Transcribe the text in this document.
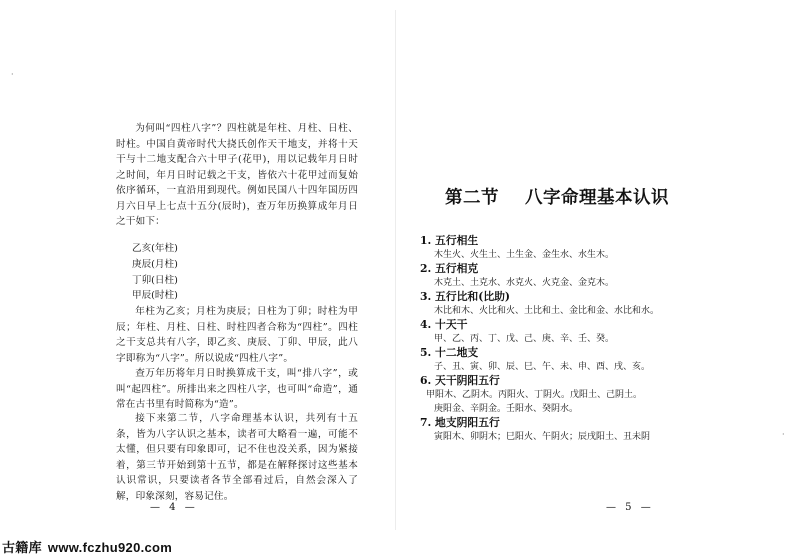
为何叫“四柱八字”？四柱就是年柱、月柱、日柱、时柱。中国自黄帝时代大挠氏创作天干地支，并将十天干与十二地支配合六十甲子(花甲)，用以记载年月日时之时间，年月日时记载之干支，皆依六十花甲过而复始依序循环，一直沿用到现代。例如民国八十四年国历四月六日早上七点十五分(辰时)，查万年历换算成年月日之干如下：

乙亥(年柱)
庚辰(月柱)
丁卯(日柱)
甲辰(时柱)

年柱为乙亥；月柱为庚辰；日柱为丁卯；时柱为甲辰；年柱、月柱、日柱、时柱四者合称为“四柱”。四柱之干支总共有八字，即乙亥、庚辰、丁卯、甲辰，此八字即称为“八字”。所以说成“四柱八字”。

查万年历将年月日时换算成干支，叫“排八字”，或叫“起四柱”。所排出来之四柱八字，也可叫“命造”，通常在古书里有时简称为“造”。

接下来第二节，八字命理基本认识，共列有十五条，皆为八字认识之基本，读者可大略看一遍，可能不太懂，但只要有印象即可，记不住也没关系，因为紧接着，第三节开始到第十五节，都是在解释探讨这些基本认识常识，只要读者各节全部看过后，自然会深入了解，印象深刻，容易记住。

— 4 —
第二节 八字命理基本认识
1. 五行相生
木生火、火生土、土生金、金生水、水生木。
2. 五行相克
木克土、土克水、水克火、火克金、金克木。
3. 五行比和(比助)
木比和木、火比和火、土比和土、金比和金、水比和水。
4. 十天干
甲、乙、丙、丁、戊、己、庚、辛、壬、癸。
5. 十二地支
子、丑、寅、卯、辰、巳、午、未、申、酉、戌、亥。
6. 天干阴阳五行
甲阳木、乙阴木。丙阳火、丁阴火。戊阳土、己阴土。
庚阳金、辛阴金。壬阳水、癸阴水。
7. 地支阴阳五行
寅阳木、卯阴木；巳阳火、午阴火；辰戌阳土、丑未阴
— 5 —
·
·
古籍库 www.fczhu920.com
